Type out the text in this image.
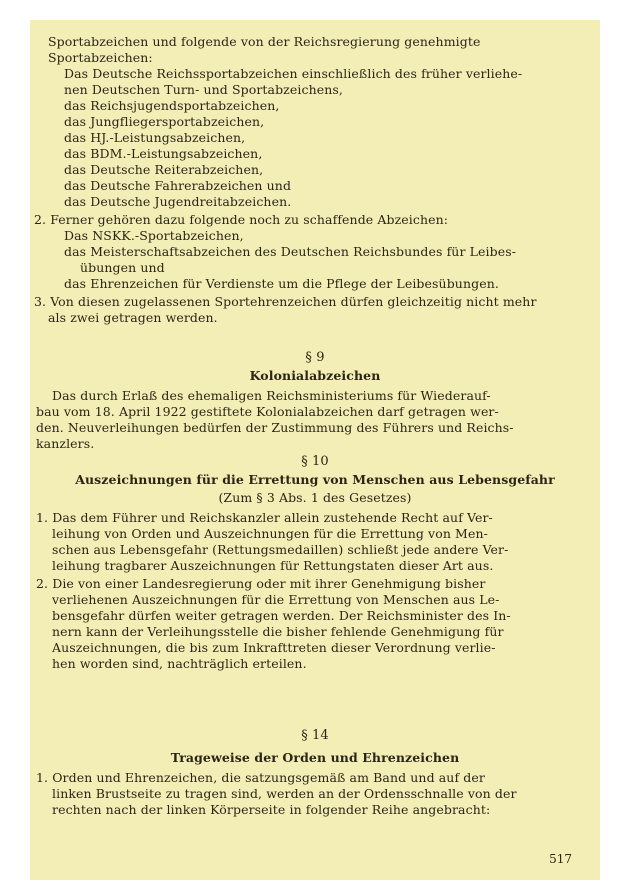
Sportabzeichen und folgende von der Reichsregierung genehmigte
Sportabzeichen:
Das Deutsche Reichssportabzeichen einschließlich des früher verliehe-
nen Deutschen Turn- und Sportabzeichens,
das Reichsjugendsportabzeichen,
das Jungfliegersportabzeichen,
das HJ.-Leistungsabzeichen,
das BDM.-Leistungsabzeichen,
das Deutsche Reiterabzeichen,
das Deutsche Fahrerabzeichen und
das Deutsche Jugendreitabzeichen.
2. Ferner gehören dazu folgende noch zu schaffende Abzeichen:
Das NSKK.-Sportabzeichen,
das Meisterschaftsabzeichen des Deutschen Reichsbundes für Leibes-
übungen und
das Ehrenzeichen für Verdienste um die Pflege der Leibesübungen.
3. Von diesen zugelassenen Sportehrenzeichen dürfen gleichzeitig nicht mehr
als zwei getragen werden.
§ 9
Kolonialabzeichen
Das durch Erlaß des ehemaligen Reichsministeriums für Wiederauf-
bau vom 18. April 1922 gestiftete Kolonialabzeichen darf getragen wer-
den. Neuverleihungen bedürfen der Zustimmung des Führers und Reichs-
kanzlers.
§ 10
Auszeichnungen für die Errettung von Menschen aus Lebensgefahr
(Zum § 3 Abs. 1 des Gesetzes)
1. Das dem Führer und Reichskanzler allein zustehende Recht auf Ver-
leihung von Orden und Auszeichnungen für die Errettung von Men-
schen aus Lebensgefahr (Rettungsmedaillen) schließt jede andere Ver-
leihung tragbarer Auszeichnungen für Rettungstaten dieser Art aus.
2. Die von einer Landesregierung oder mit ihrer Genehmigung bisher
verliehenen Auszeichnungen für die Errettung von Menschen aus Le-
bensgefahr dürfen weiter getragen werden. Der Reichsminister des In-
nern kann der Verleihungsstelle die bisher fehlende Genehmigung für
Auszeichnungen, die bis zum Inkrafttreten dieser Verordnung verlie-
hen worden sind, nachträglich erteilen.
§ 14
Trageweise der Orden und Ehrenzeichen
1. Orden und Ehrenzeichen, die satzungsgemäß am Band und auf der
linken Brustseite zu tragen sind, werden an der Ordensschnalle von der
rechten nach der linken Körperseite in folgender Reihe angebracht:
517
